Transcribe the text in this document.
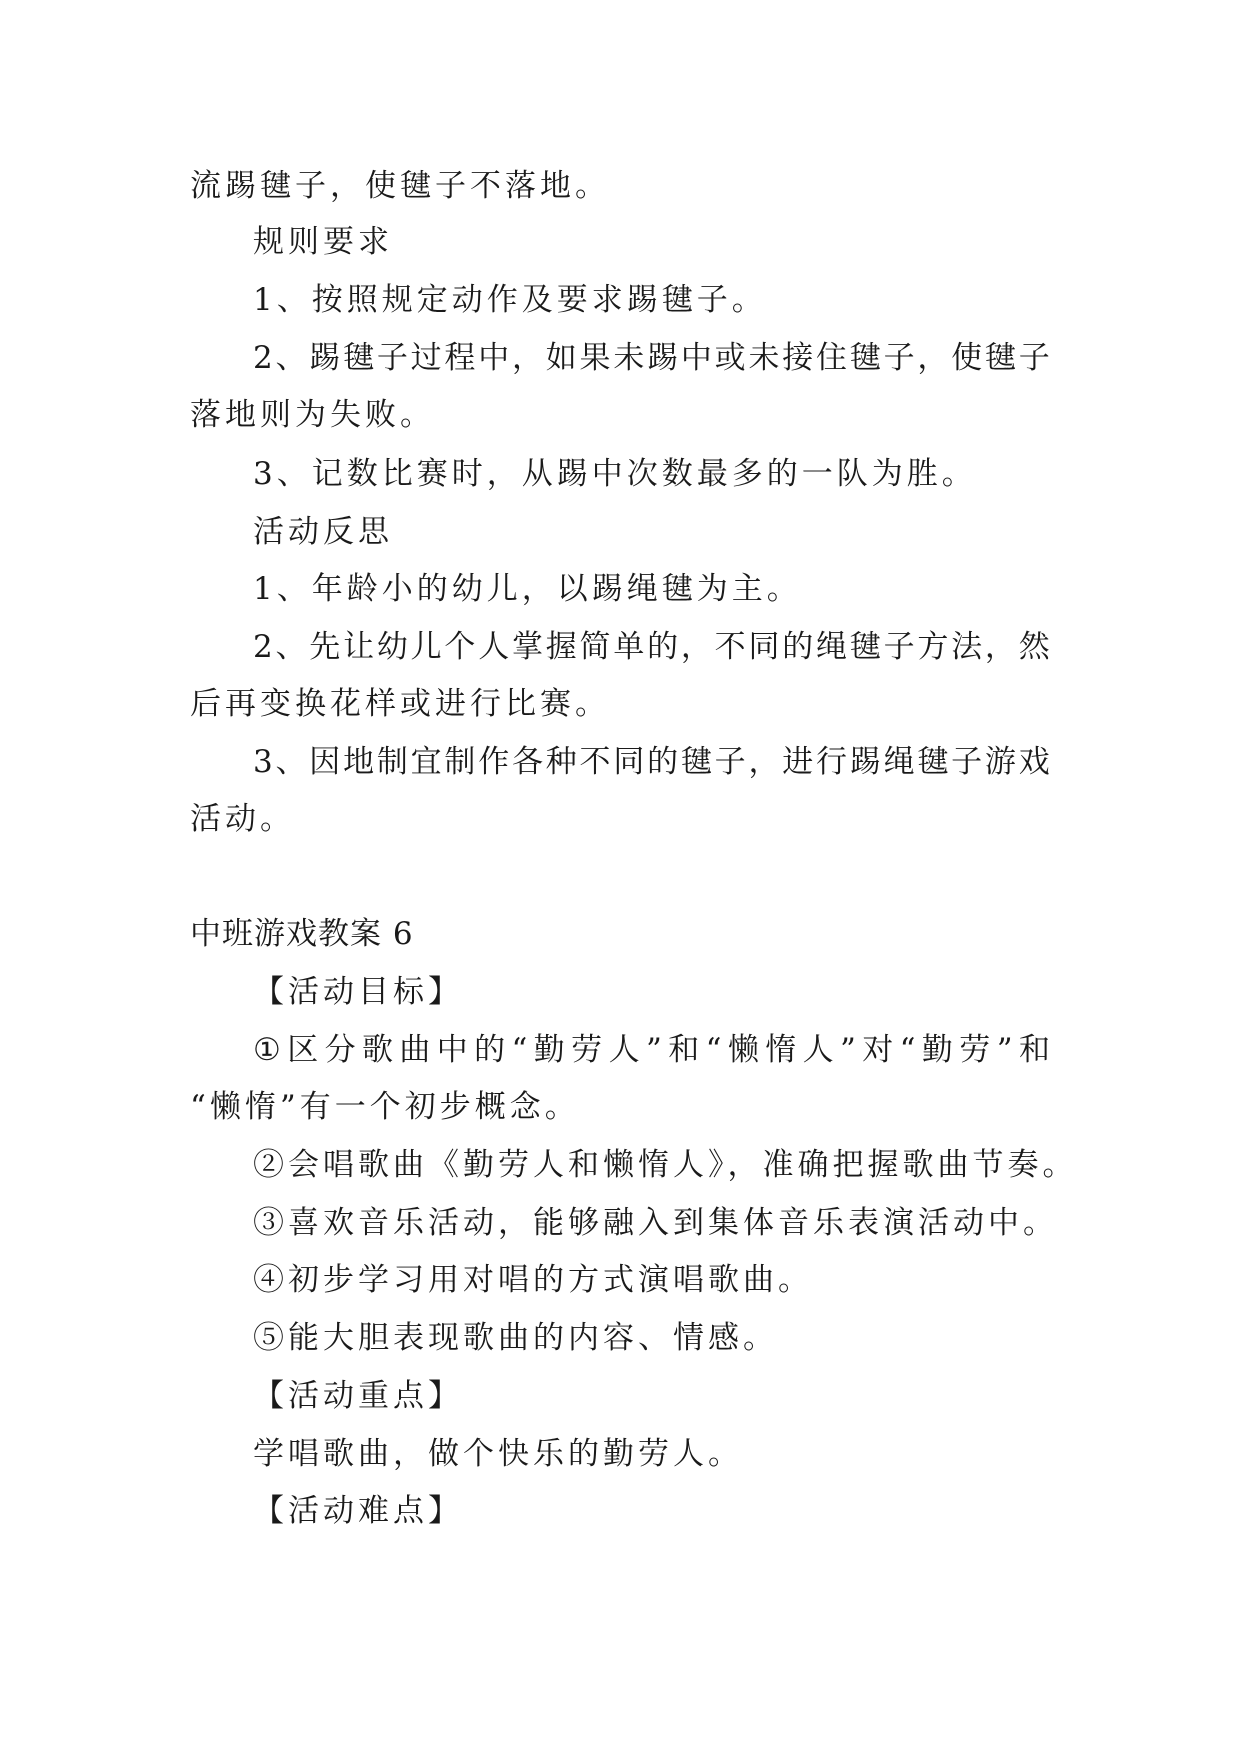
流踢毽子，使毽子不落地。
规则要求
1、按照规定动作及要求踢毽子。
2 、 踢 毽 子 过 程 中 ， 如 果 未 踢 中 或 未 接 住 毽 子 ， 使 毽 子
落地则为失败。
3、记数比赛时，从踢中次数最多的一队为胜。
活动反思
1、年龄小的幼儿，以踢绳毽为主。
2 、 先 让 幼 儿 个 人 掌 握 简 单 的 ， 不 同 的 绳 毽 子 方 法 ， 然
后再变换花样或进行比赛。
3 、 因 地 制 宜 制 作 各 种 不 同 的 毽 子 ， 进 行 踢 绳 毽 子 游 戏
活动。
中班游戏教案 6
【活动目标】
① 区 分 歌 曲 中 的 “ 勤 劳 人 ” 和 “ 懒 惰 人 ” 对 “ 勤 劳 ” 和
“懒惰”有一个初步概念。
②会唱歌曲《勤劳人和懒惰人》，准确把握歌曲节奏。
③喜欢音乐活动，能够融入到集体音乐表演活动中。
④初步学习用对唱的方式演唱歌曲。
⑤能大胆表现歌曲的内容、情感。
【活动重点】
学唱歌曲，做个快乐的勤劳人。
【活动难点】
